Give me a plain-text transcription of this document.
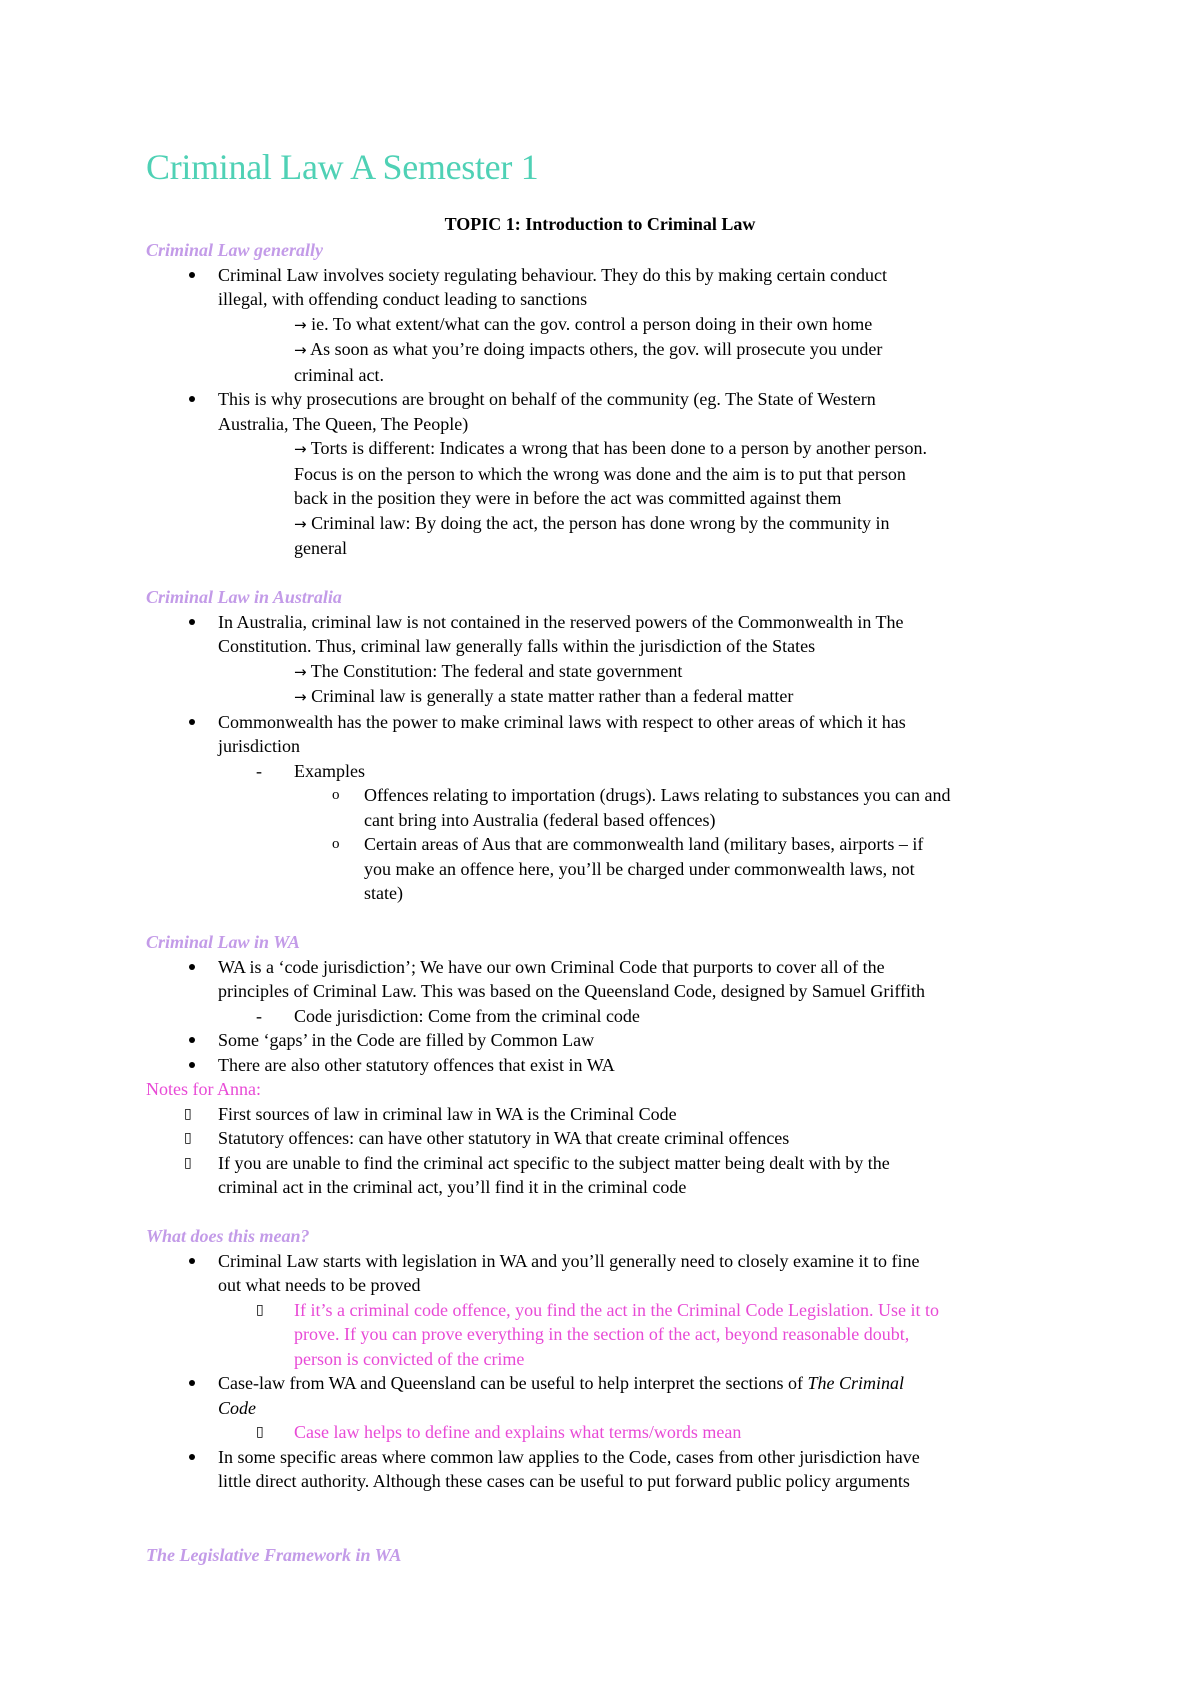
Criminal Law A Semester 1
TOPIC 1: Introduction to Criminal Law
Criminal Law generally
Criminal Law involves society regulating behaviour. They do this by making certain conduct
illegal, with offending conduct leading to sanctions
→ ie. To what extent/what can the gov. control a person doing in their own home
→ As soon as what you’re doing impacts others, the gov. will prosecute you under
criminal act.
This is why prosecutions are brought on behalf of the community (eg. The State of Western
Australia, The Queen, The People)
→ Torts is different: Indicates a wrong that has been done to a person by another person.
Focus is on the person to which the wrong was done and the aim is to put that person
back in the position they were in before the act was committed against them
→ Criminal law: By doing the act, the person has done wrong by the community in
general
Criminal Law in Australia
In Australia, criminal law is not contained in the reserved powers of the Commonwealth in The
Constitution. Thus, criminal law generally falls within the jurisdiction of the States
→ The Constitution: The federal and state government
→ Criminal law is generally a state matter rather than a federal matter
Commonwealth has the power to make criminal laws with respect to other areas of which it has
jurisdiction
- Examples
o Offences relating to importation (drugs). Laws relating to substances you can and
cant bring into Australia (federal based offences)
o Certain areas of Aus that are commonwealth land (military bases, airports – if
you make an offence here, you’ll be charged under commonwealth laws, not
state)
Criminal Law in WA
WA is a ‘code jurisdiction’; We have our own Criminal Code that purports to cover all of the
principles of Criminal Law. This was based on the Queensland Code, designed by Samuel Griffith
- Code jurisdiction: Come from the criminal code
Some ‘gaps’ in the Code are filled by Common Law
There are also other statutory offences that exist in WA
Notes for Anna:
▯ First sources of law in criminal law in WA is the Criminal Code
▯ Statutory offences: can have other statutory in WA that create criminal offences
▯ If you are unable to find the criminal act specific to the subject matter being dealt with by the
criminal act in the criminal act, you’ll find it in the criminal code
What does this mean?
Criminal Law starts with legislation in WA and you’ll generally need to closely examine it to fine
out what needs to be proved
▯ If it’s a criminal code offence, you find the act in the Criminal Code Legislation. Use it to
prove. If you can prove everything in the section of the act, beyond reasonable doubt,
person is convicted of the crime
Case-law from WA and Queensland can be useful to help interpret the sections of The Criminal
Code
▯ Case law helps to define and explains what terms/words mean
In some specific areas where common law applies to the Code, cases from other jurisdiction have
little direct authority. Although these cases can be useful to put forward public policy arguments
The Legislative Framework in WA
